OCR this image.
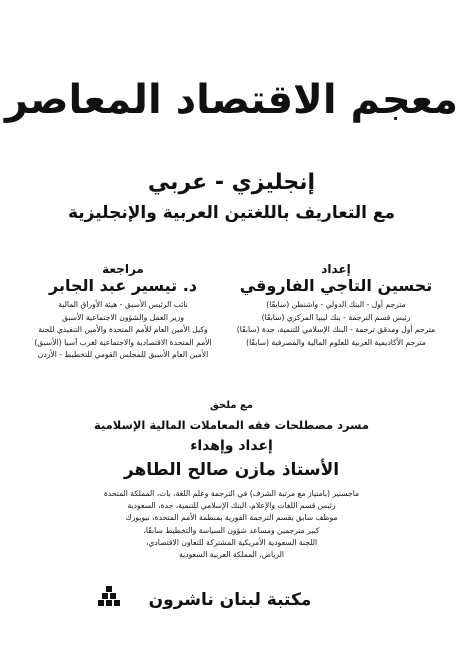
معجم الاقتصاد المعاصر
إنجليزي - عربي
مع التعاريف باللغتين العربية والإنجليزية
إعداد
تحسين التاجي الفاروقي
مترجم أول - البنك الدولي - واشنطن (سابقًا)
رئيس قسم الترجمة - بنك ليبيا المركزي (سابقًا)
مترجم أول ومدقق ترجمة - البنك الإسلامي للتنمية، جدة (سابقًا)
مترجم الأكاديمية العربية للعلوم المالية والمصرفية (سابقًا)
مراجعة
د. تيسير عبد الجابر
نائب الرئيس الأسبق - هيئة الأوراق المالية
وزير العمل والشؤون الاجتماعية الأسبق
وكيل الأمين العام للأمم المتحدة والأمين التنفيذي للجنة
الأمم المتحدة الاقتصادية والاجتماعية لغرب آسيا (الأسبق)
الأمين العام الأسبق للمجلس القومي للتخطيط - الأردن
مع ملحق
مسرد مصطلحات فقه المعاملات المالية الإسلامية
إعداد وإهداء
الأستاذ مازن صالح الطاهر
ماجستير (بامتياز مع مرتبة الشرف) في الترجمة وعلم اللغة، باث، المملكة المتحدة
رئيس قسم اللغات والإعلام، البنك الإسلامي للتنمية، جدة، السعودية
موظف سابق بقسم الترجمة الفورية بمنظمة الأمم المتحدة، نيويورك
كبير مترجمين ومساعد شؤون السياسة والتخطيط سابقًا،
اللجنة السعودية الأمريكية المشتركة للتعاون الاقتصادي،
الرياض، المملكة العربية السعودية
مكتبة لبنان ناشرون
